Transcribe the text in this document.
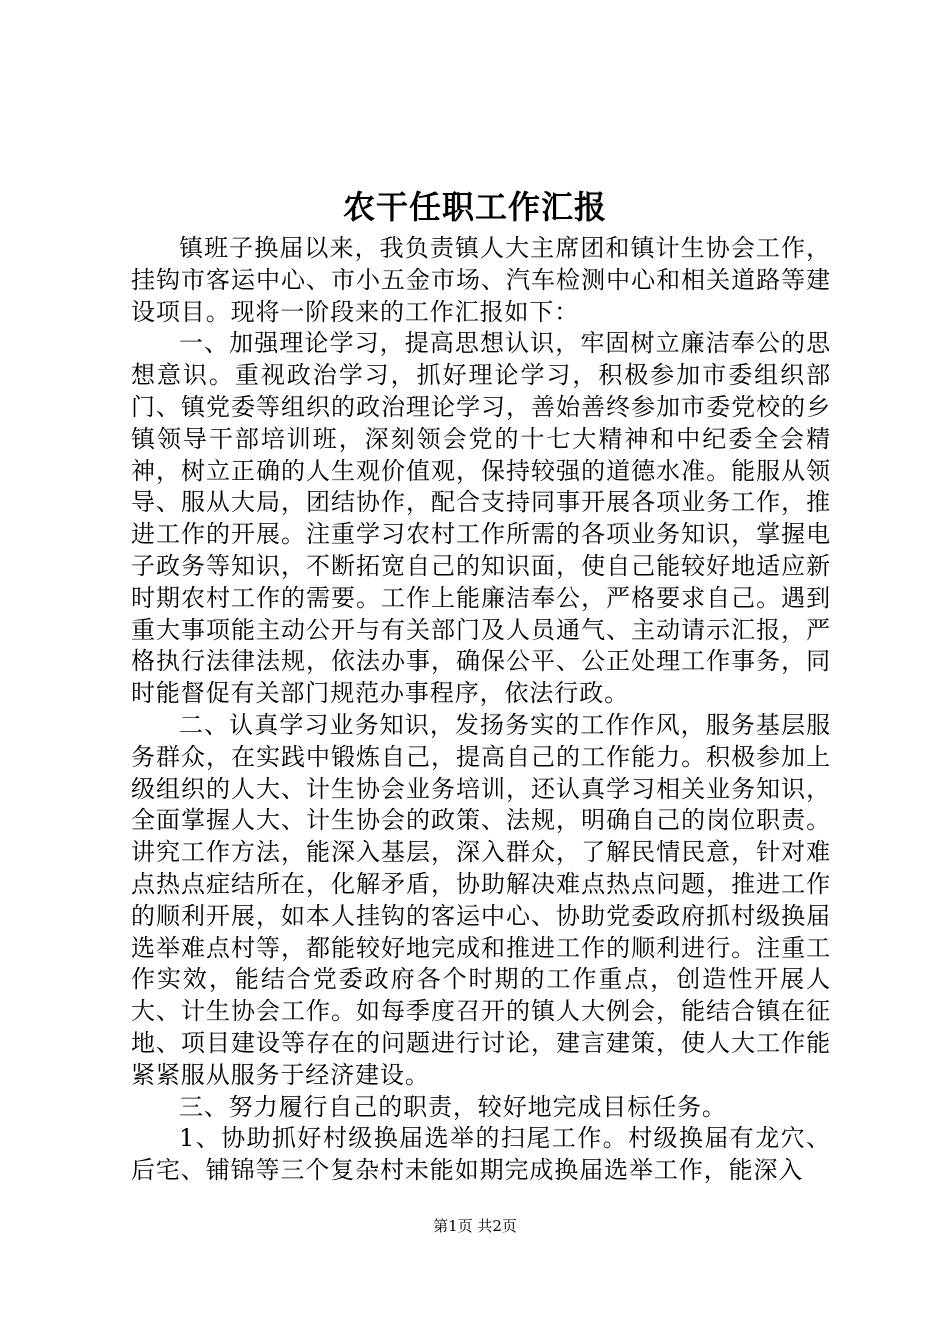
农干任职工作汇报

镇班子换届以来，我负责镇人大主席团和镇计生协会工作，挂钩市客运中心、市小五金市场、汽车检测中心和相关道路等建设项目。现将一阶段来的工作汇报如下：

一、加强理论学习，提高思想认识，牢固树立廉洁奉公的思想意识。重视政治学习，抓好理论学习，积极参加市委组织部门、镇党委等组织的政治理论学习，善始善终参加市委党校的乡镇领导干部培训班，深刻领会党的十七大精神和中纪委全会精神，树立正确的人生观价值观，保持较强的道德水准。能服从领导、服从大局，团结协作，配合支持同事开展各项业务工作，推进工作的开展。注重学习农村工作所需的各项业务知识，掌握电子政务等知识，不断拓宽自己的知识面，使自己能较好地适应新时期农村工作的需要。工作上能廉洁奉公，严格要求自己。遇到重大事项能主动公开与有关部门及人员通气、主动请示汇报，严格执行法律法规，依法办事，确保公平、公正处理工作事务，同时能督促有关部门规范办事程序，依法行政。

二、认真学习业务知识，发扬务实的工作作风，服务基层服务群众，在实践中锻炼自己，提高自己的工作能力。积极参加上级组织的人大、计生协会业务培训，还认真学习相关业务知识，全面掌握人大、计生协会的政策、法规，明确自己的岗位职责。讲究工作方法，能深入基层，深入群众，了解民情民意，针对难点热点症结所在，化解矛盾，协助解决难点热点问题，推进工作的顺利开展，如本人挂钩的客运中心、协助党委政府抓村级换届选举难点村等，都能较好地完成和推进工作的顺利进行。注重工作实效，能结合党委政府各个时期的工作重点，创造性开展人大、计生协会工作。如每季度召开的镇人大例会，能结合镇在征地、项目建设等存在的问题进行讨论，建言建策，使人大工作能紧紧服从服务于经济建设。

三、努力履行自己的职责，较好地完成目标任务。

1、协助抓好村级换届选举的扫尾工作。村级换届有龙穴、后宅、铺锦等三个复杂村未能如期完成换届选举工作，能深入

第1页 共2页
